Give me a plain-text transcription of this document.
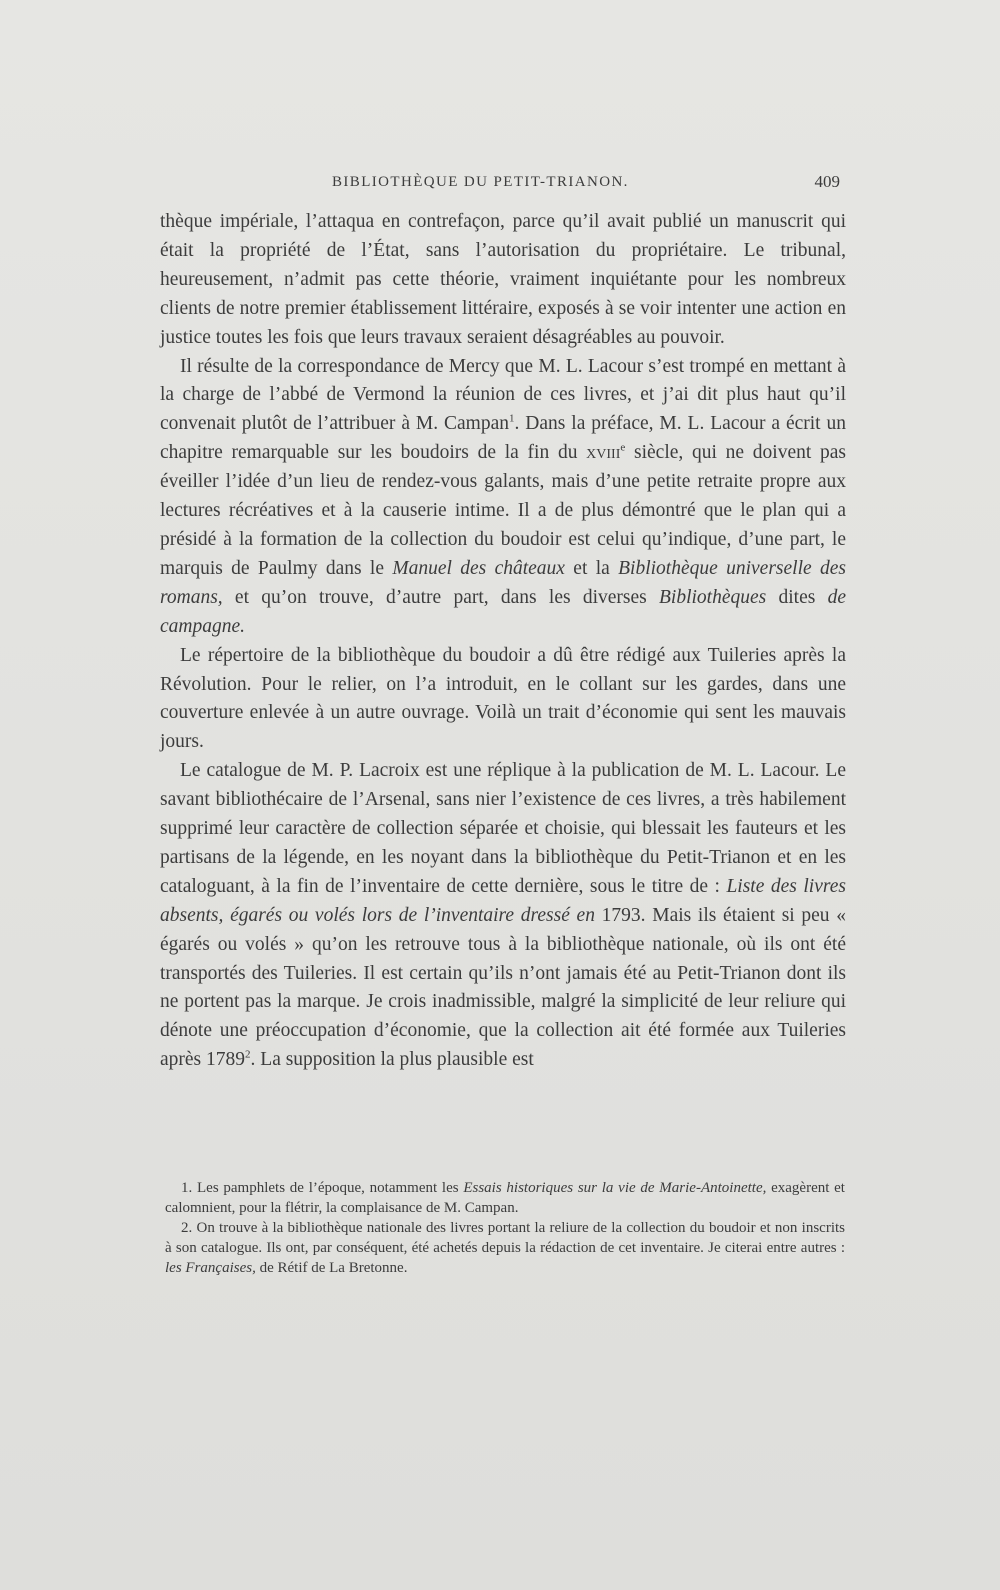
BIBLIOTHÈQUE DU PETIT-TRIANON.	409

thèque impériale, l’attaqua en contrefaçon, parce qu’il avait publié un manuscrit qui était la propriété de l’État, sans l’autorisation du propriétaire. Le tribunal, heureusement, n’admit pas cette théorie, vraiment inquiétante pour les nombreux clients de notre premier établissement littéraire, exposés à se voir intenter une action en justice toutes les fois que leurs travaux seraient désagréables au pouvoir.

Il résulte de la correspondance de Mercy que M. L. Lacour s’est trompé en mettant à la charge de l’abbé de Vermond la réunion de ces livres, et j’ai dit plus haut qu’il convenait plutôt de l’attribuer à M. Campan$^1$. Dans la préface, M. L. Lacour a écrit un chapitre remarquable sur les boudoirs de la fin du xviii$^e$ siècle, qui ne doivent pas éveiller l’idée d’un lieu de rendez-vous galants, mais d’une petite retraite propre aux lectures récréatives et à la causerie intime. Il a de plus démontré que le plan qui a présidé à la formation de la collection du boudoir est celui qu’indique, d’une part, le marquis de Paulmy dans le Manuel des châteaux et la Bibliothèque universelle des romans, et qu’on trouve, d’autre part, dans les diverses Bibliothèques dites de campagne.

Le répertoire de la bibliothèque du boudoir a dû être rédigé aux Tuileries après la Révolution. Pour le relier, on l’a introduit, en le collant sur les gardes, dans une couverture enlevée à un autre ouvrage. Voilà un trait d’économie qui sent les mauvais jours.

Le catalogue de M. P. Lacroix est une réplique à la publication de M. L. Lacour. Le savant bibliothécaire de l’Arsenal, sans nier l’existence de ces livres, a très habilement supprimé leur caractère de collection séparée et choisie, qui blessait les fauteurs et les partisans de la légende, en les noyant dans la bibliothèque du Petit-Trianon et en les cataloguant, à la fin de l’inventaire de cette dernière, sous le titre de : Liste des livres absents, égarés ou volés lors de l’inventaire dressé en 1793. Mais ils étaient si peu « égarés ou volés » qu’on les retrouve tous à la bibliothèque nationale, où ils ont été transportés des Tuileries. Il est certain qu’ils n’ont jamais été au Petit-Trianon dont ils ne portent pas la marque. Je crois inadmissible, malgré la simplicité de leur reliure qui dénote une préoccupation d’économie, que la collection ait été formée aux Tuileries après 1789$^2$. La supposition la plus plausible est

1. Les pamphlets de l’époque, notamment les Essais historiques sur la vie de Marie-Antoinette, exagèrent et calomnient, pour la flétrir, la complaisance de M. Campan.

2. On trouve à la bibliothèque nationale des livres portant la reliure de la collection du boudoir et non inscrits à son catalogue. Ils ont, par conséquent, été achetés depuis la rédaction de cet inventaire. Je citerai entre autres : les Françaises, de Rétif de La Bretonne.
